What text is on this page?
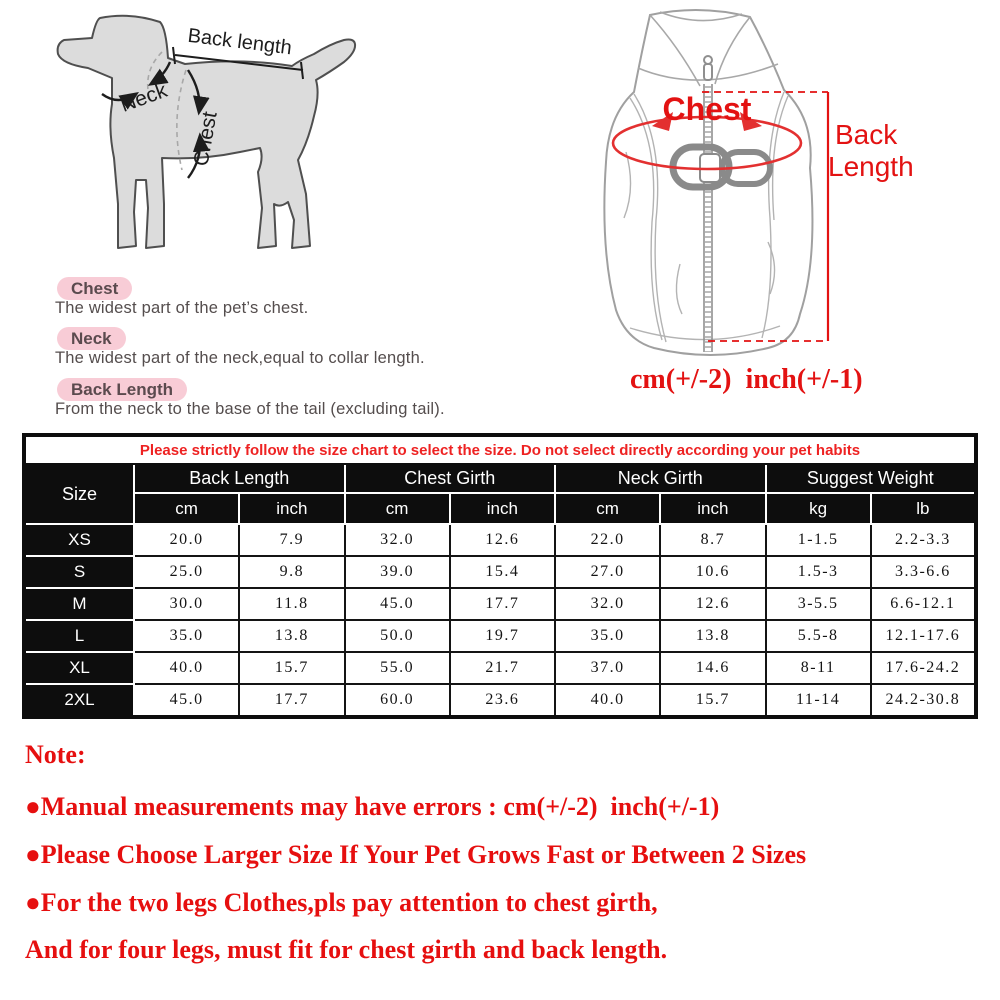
Back length
Neck
Chest
Chest
Back
Length
cm(+/-2)  inch(+/-1)
Chest
The widest part of the pet’s chest.
Neck
The widest part of the neck,equal to collar length.
Back Length
From the neck to the base of the tail (excluding tail).
Please strictly follow the size chart to select the size. Do not select directly according your pet habits								
Size	Back Length		Chest Girth		Neck Girth		Suggest Weight	
	cm	inch	cm	inch	cm	inch	kg	lb
XS	20.0	7.9	32.0	12.6	22.0	8.7	1-1.5	2.2-3.3
S	25.0	9.8	39.0	15.4	27.0	10.6	1.5-3	3.3-6.6
M	30.0	11.8	45.0	17.7	32.0	12.6	3-5.5	6.6-12.1
L	35.0	13.8	50.0	19.7	35.0	13.8	5.5-8	12.1-17.6
XL	40.0	15.7	55.0	21.7	37.0	14.6	8-11	17.6-24.2
2XL	45.0	17.7	60.0	23.6	40.0	15.7	11-14	24.2-30.8
Note:
●Manual measurements may have errors : cm(+/-2)  inch(+/-1)
●Please Choose Larger Size If Your Pet Grows Fast or Between 2 Sizes
●For the two legs Clothes,pls pay attention to chest girth,
And for four legs, must fit for chest girth and back length.
